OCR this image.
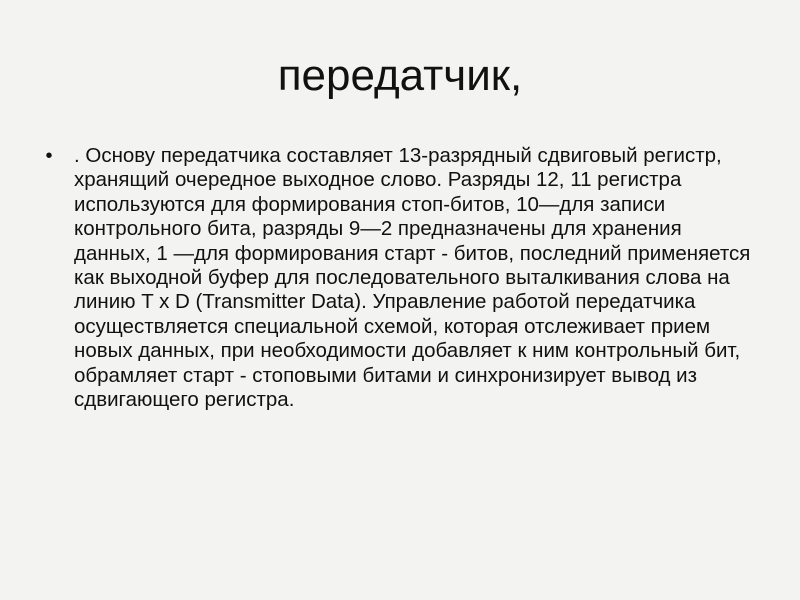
передатчик,
• . Основу передатчика составляет 13-разрядный сдвиговый регистр, хранящий очередное выходное слово. Разряды 12, 11 регистра используются для формирования стоп-битов, 10—для записи контрольного бита, разряды 9—2 предназначены для хранения данных, 1 —для формирования старт - битов, последний применяется как выходной буфер для последовательного выталкивания слова на линию T x D (Transmitter Data). Управление работой передатчика осуществляется специальной схемой, которая отслеживает прием новых данных, при необходимости добавляет к ним контрольный бит, обрамляет старт - стоповыми битами и синхронизирует вывод из сдвигающего регистра.
